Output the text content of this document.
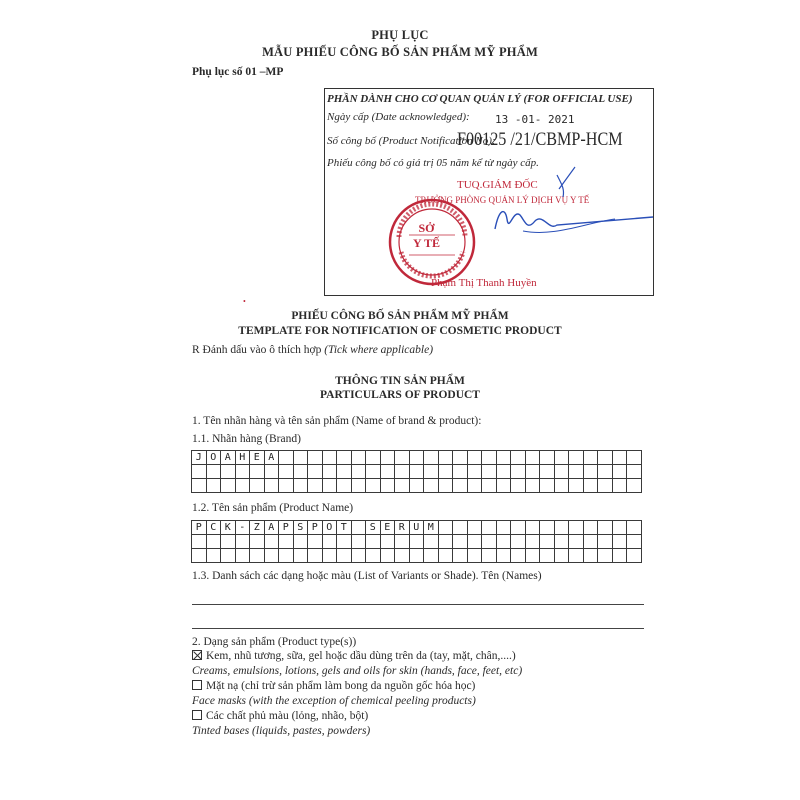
PHỤ LỤC
MẪU PHIẾU CÔNG BỐ SẢN PHẨM MỸ PHẨM
Phụ lục số 01 –MP
PHẦN DÀNH CHO CƠ QUAN QUẢN LÝ (FOR OFFICIAL USE)
Ngày cấp (Date acknowledged): 13 -01- 2021
Số công bố (Product Notification No):
F00125 /21/CBMP-HCM
Phiếu công bố có giá trị 05 năm kể từ ngày cấp.
TUQ.GIÁM ĐỐC
TRƯỞNG PHÒNG QUẢN LÝ DỊCH VỤ Y TẾ
SỞ
Y TẾ
Phạm Thị Thanh Huyền
PHIẾU CÔNG BỐ SẢN PHẨM MỸ PHẨM
TEMPLATE FOR NOTIFICATION OF COSMETIC PRODUCT
R Đánh dấu vào ô thích hợp (Tick where applicable)
THÔNG TIN SẢN PHẨM
PARTICULARS OF PRODUCT
1. Tên nhãn hàng và tên sản phẩm (Name of brand & product):
1.1. Nhãn hàng (Brand)
J	O	A	H	E	A																									

1.2. Tên sản phẩm (Product Name)
P	C	K	-	Z	A	P	S	P	O	T		S	E	R	U	M														

1.3. Danh sách các dạng hoặc màu (List of Variants or Shade). Tên (Names)
2. Dạng sản phẩm (Product type(s))
Kem, nhũ tương, sữa, gel hoặc dầu dùng trên da (tay, mặt, chân,....)
Creams, emulsions, lotions, gels and oils for skin (hands, face, feet, etc)
Mặt nạ (chỉ trừ sản phẩm làm bong da nguồn gốc hóa học)
Face masks (with the exception of chemical peeling products)
Các chất phủ màu (lỏng, nhão, bột)
Tinted bases (liquids, pastes, powders)
•
